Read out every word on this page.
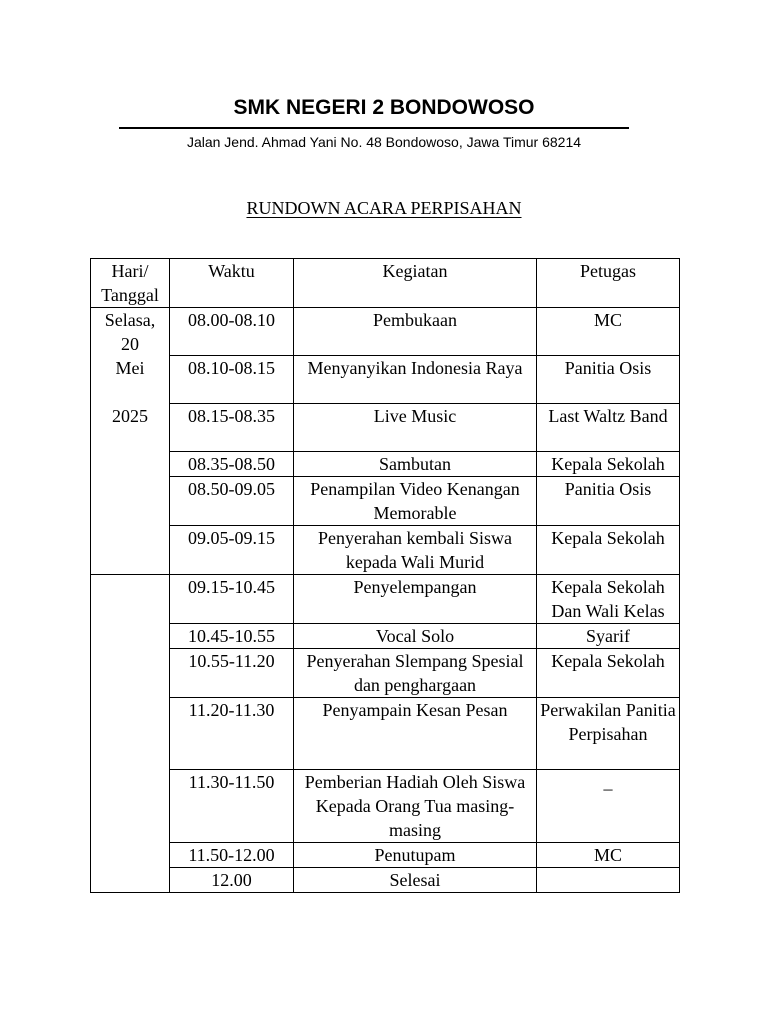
SMK NEGERI 2 BONDOWOSO
Jalan Jend. Ahmad Yani No. 48 Bondowoso, Jawa Timur 68214
RUNDOWN ACARA PERPISAHAN
Hari/
Tanggal	Waktu	Kegiatan	Petugas

Selasa,
20
Mei
2025	08.00-08.10	Pembukaan	MC
	08.10-08.15	Menyanyikan Indonesia Raya	Panitia Osis
	08.15-08.35	Live Music	Last Waltz Band
	08.35-08.50	Sambutan	Kepala Sekolah
	08.50-09.05	Penampilan Video Kenangan Memorable	Panitia Osis
	09.05-09.15	Penyerahan kembali Siswa kepada Wali Murid	Kepala Sekolah
	09.15-10.45	Penyelempangan	Kepala Sekolah Dan Wali Kelas
	10.45-10.55	Vocal Solo	Syarif
	10.55-11.20	Penyerahan Slempang Spesial dan penghargaan	Kepala Sekolah
	11.20-11.30	Penyampain Kesan Pesan	Perwakilan Panitia Perpisahan
	11.30-11.50	Pemberian Hadiah Oleh Siswa Kepada Orang Tua masing-masing	_
	11.50-12.00	Penutupam	MC
	12.00	Selesai	
